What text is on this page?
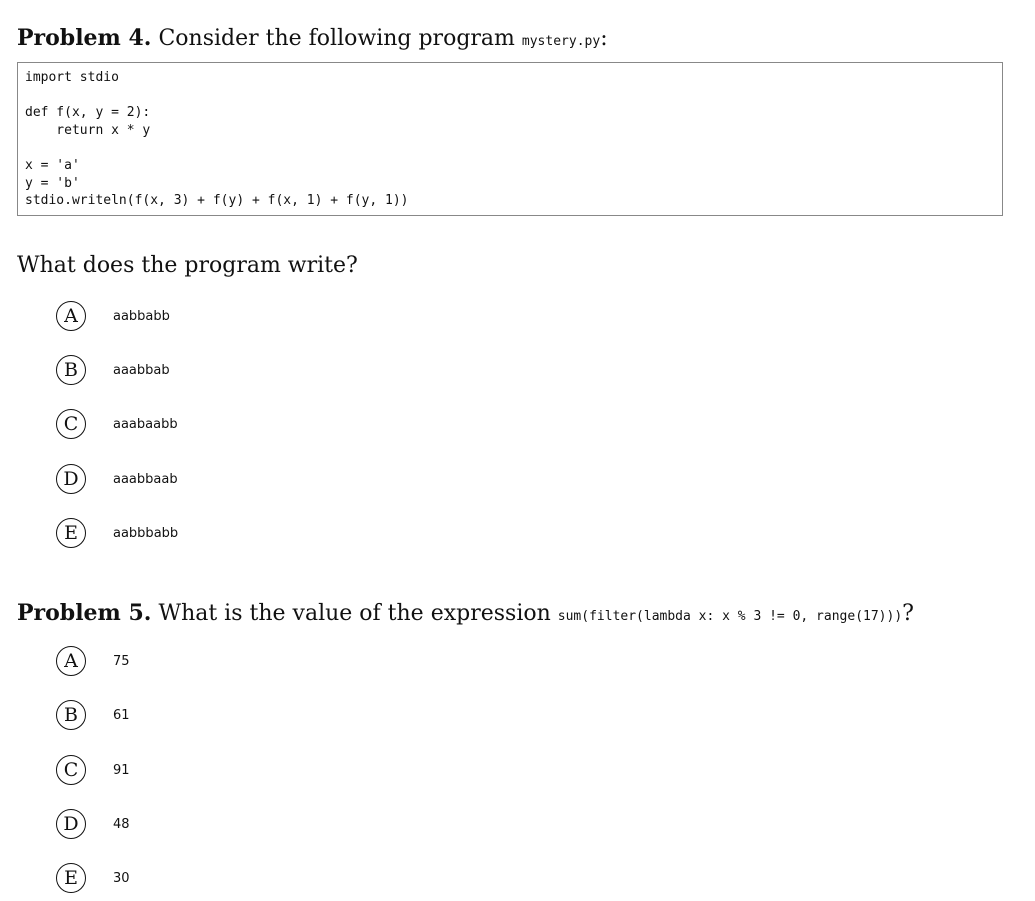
Problem 4. Consider the following program mystery.py:
import stdio
def f(x, y = 2):
return x * y
x = 'a'
y = 'b'
stdio.writeln(f(x, 3) + f(y) + f(x, 1) + f(y, 1))

What does the program write?

A	aabbabb
B	aaabbab
C	aaabaabb
D	aaabbaab
E	aabbbabb
Problem 5. What is the value of the expression sum(filter(lambda x: x % 3 != 0, range(17)))?
A	75
B	61
C	91
D	48
E	30
